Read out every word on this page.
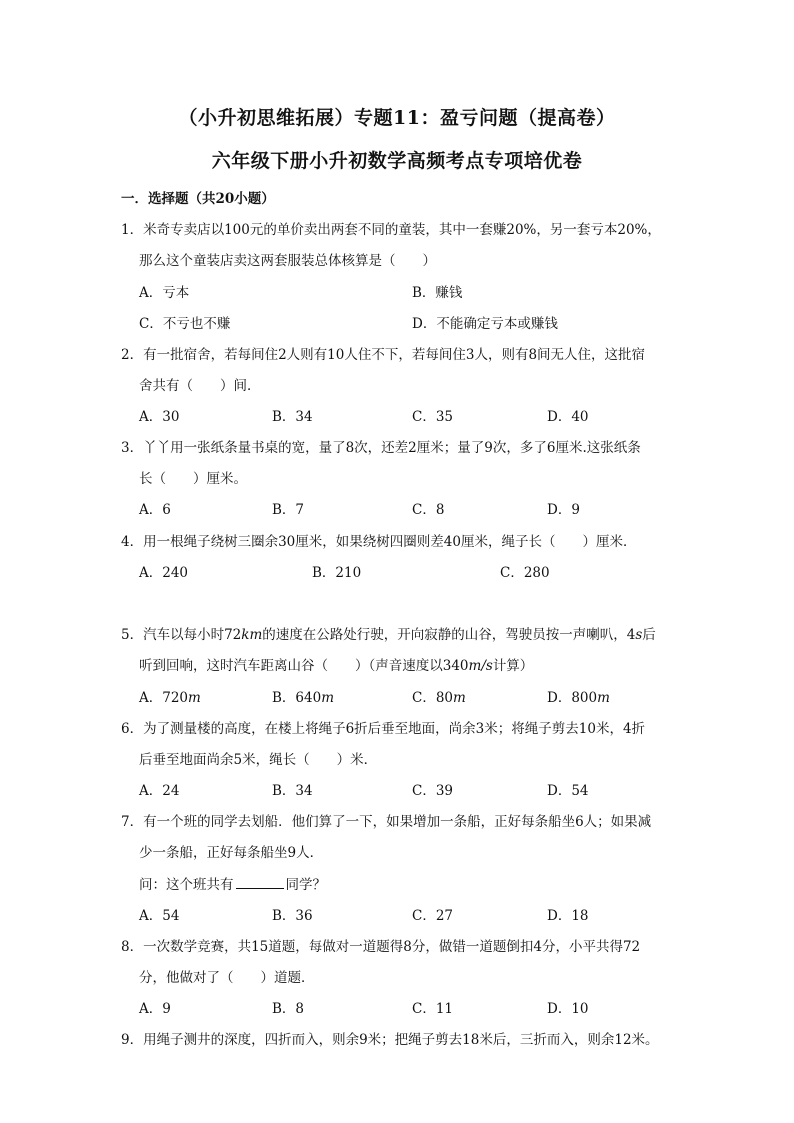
（小升初思维拓展）专题11：盈亏问题（提高卷）
六年级下册小升初数学高频考点专项培优卷
一．选择题（共20小题）
1．米奇专卖店以100元的单价卖出两套不同的童装，其中一套赚20%，另一套亏本20%，
那么这个童装店卖这两套服装总体核算是（　　）
A．亏本	B．赚钱
C．不亏也不赚	D．不能确定亏本或赚钱
2．有一批宿舍，若每间住2人则有10人住不下，若每间住3人，则有8间无人住，这批宿
舍共有（　　）间．
A．30	B．34	C．35	D．40
3．丫丫用一张纸条量书桌的宽，量了8次，还差2厘米；量了9次，多了6厘米.这张纸条
长（　　）厘米。
A．6	B．7	C．8	D．9
4．用一根绳子绕树三圈余30厘米，如果绕树四圈则差40厘米，绳子长（　　）厘米．
A．240	B．210	C．280
5．汽车以每小时72km的速度在公路处行驶，开向寂静的山谷，驾驶员按一声喇叭，4s后
听到回响，这时汽车距离山谷（　　）（声音速度以340m/s计算）
A．720m	B．640m	C．80m	D．800m
6．为了测量楼的高度，在楼上将绳子6折后垂至地面，尚余3米；将绳子剪去10米，4折
后垂至地面尚余5米，绳长（　　）米．
A．24	B．34	C．39	D．54
7．有一个班的同学去划船．他们算了一下，如果增加一条船，正好每条船坐6人；如果减
少一条船，正好每条船坐9人．
问：这个班共有	同学？
A．54	B．36	C．27	D．18
8．一次数学竞赛，共15道题，每做对一道题得8分，做错一道题倒扣4分，小平共得72
分，他做对了（　　）道题．
A．9	B．8	C．11	D．10
9．用绳子测井的深度，四折而入，则余9米；把绳子剪去18米后，三折而入，则余12米。
